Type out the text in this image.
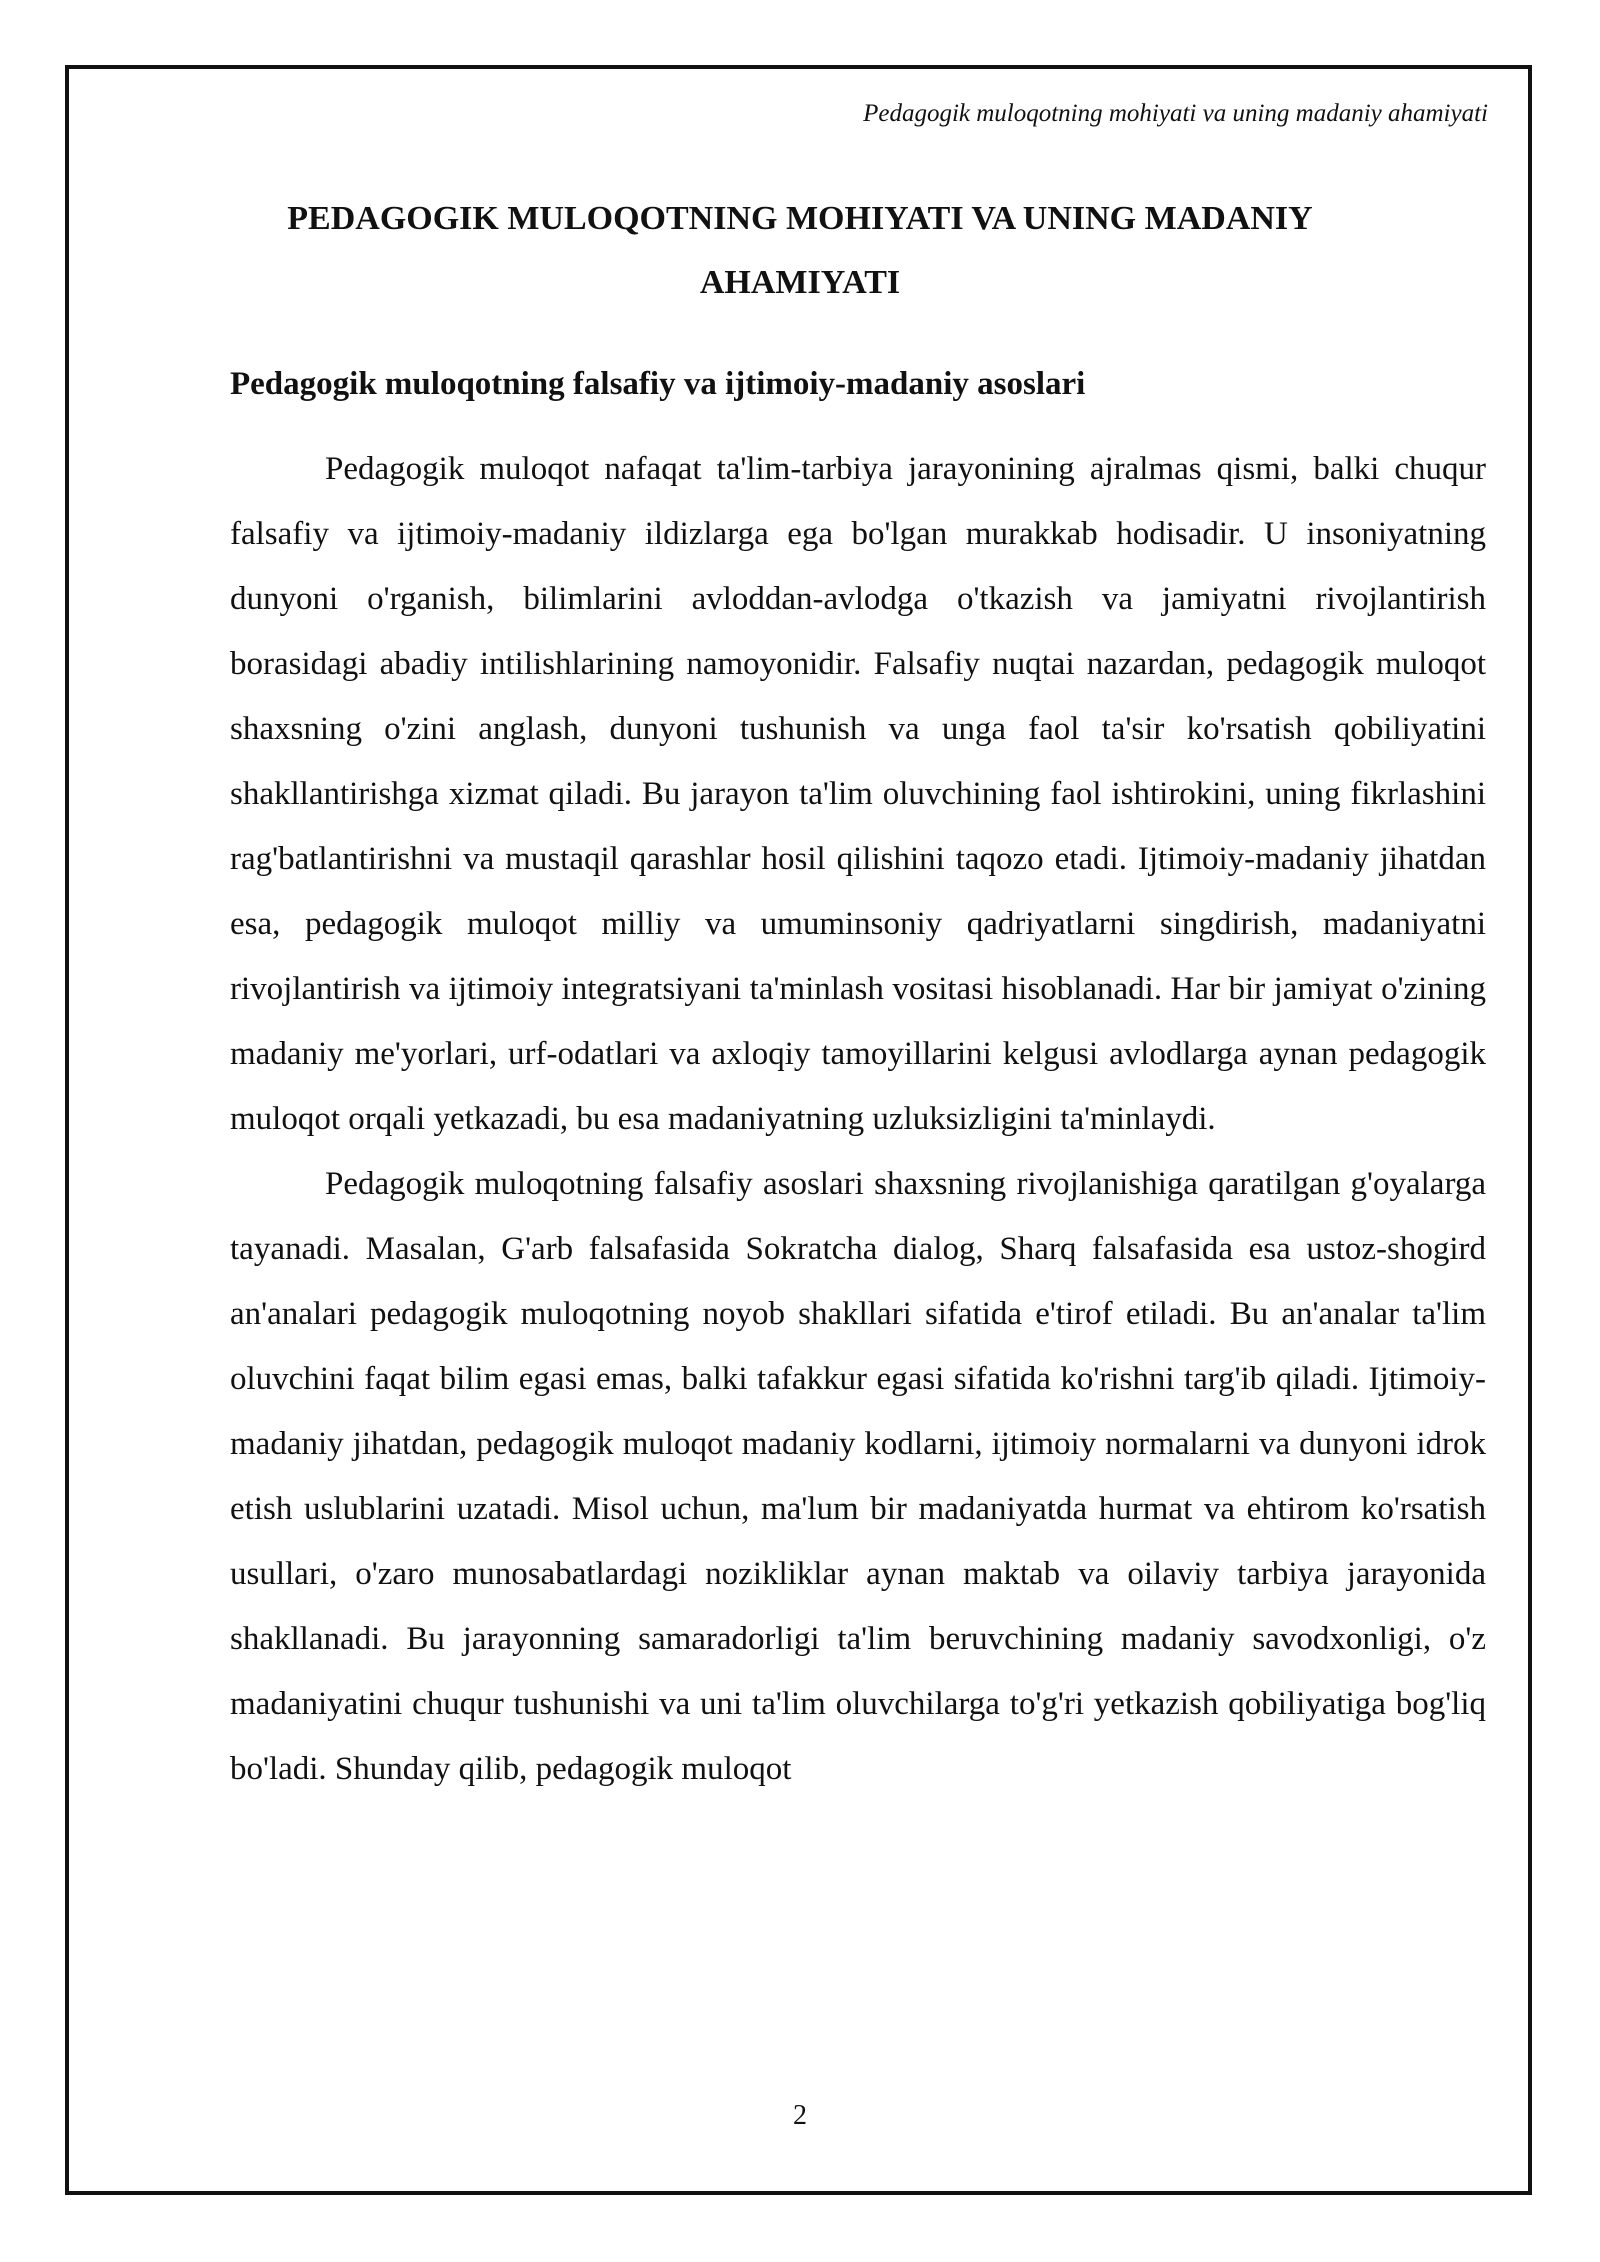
Pedagogik muloqotning mohiyati va uning madaniy ahamiyati
PEDAGOGIK MULOQOTNING MOHIYATI VA UNING MADANIY AHAMIYATI
Pedagogik muloqotning falsafiy va ijtimoiy-madaniy asoslari

Pedagogik muloqot nafaqat ta'lim-tarbiya jarayonining ajralmas qismi, balki chuqur falsafiy va ijtimoiy-madaniy ildizlarga ega bo'lgan murakkab hodisadir. U insoniyatning dunyoni o'rganish, bilimlarini avloddan-avlodga o'tkazish va jamiyatni rivojlantirish borasidagi abadiy intilishlarining namoyonidir. Falsafiy nuqtai nazardan, pedagogik muloqot shaxsning o'zini anglash, dunyoni tushunish va unga faol ta'sir ko'rsatish qobiliyatini shakllantirishga xizmat qiladi. Bu jarayon ta'lim oluvchining faol ishtirokini, uning fikrlashini rag'batlantirishni va mustaqil qarashlar hosil qilishini taqozo etadi. Ijtimoiy-madaniy jihatdan esa, pedagogik muloqot milliy va umuminsoniy qadriyatlarni singdirish, madaniyatni rivojlantirish va ijtimoiy integratsiyani ta'minlash vositasi hisoblanadi. Har bir jamiyat o'zining madaniy me'yorlari, urf-odatlari va axloqiy tamoyillarini kelgusi avlodlarga aynan pedagogik muloqot orqali yetkazadi, bu esa madaniyatning uzluksizligini ta'minlaydi.

Pedagogik muloqotning falsafiy asoslari shaxsning rivojlanishiga qaratilgan g'oyalarga tayanadi. Masalan, G'arb falsafasida Sokratcha dialog, Sharq falsafasida esa ustoz-shogird an'analari pedagogik muloqotning noyob shakllari sifatida e'tirof etiladi. Bu an'analar ta'lim oluvchini faqat bilim egasi emas, balki tafakkur egasi sifatida ko'rishni targ'ib qiladi. Ijtimoiy-madaniy jihatdan, pedagogik muloqot madaniy kodlarni, ijtimoiy normalarni va dunyoni idrok etish uslublarini uzatadi. Misol uchun, ma'lum bir madaniyatda hurmat va ehtirom ko'rsatish usullari, o'zaro munosabatlardagi nozikliklar aynan maktab va oilaviy tarbiya jarayonida shakllanadi. Bu jarayonning samaradorligi ta'lim beruvchining madaniy savodxonligi, o'z madaniyatini chuqur tushunishi va uni ta'lim oluvchilarga to'g'ri yetkazish qobiliyatiga bog'liq bo'ladi. Shunday qilib, pedagogik muloqot

2
